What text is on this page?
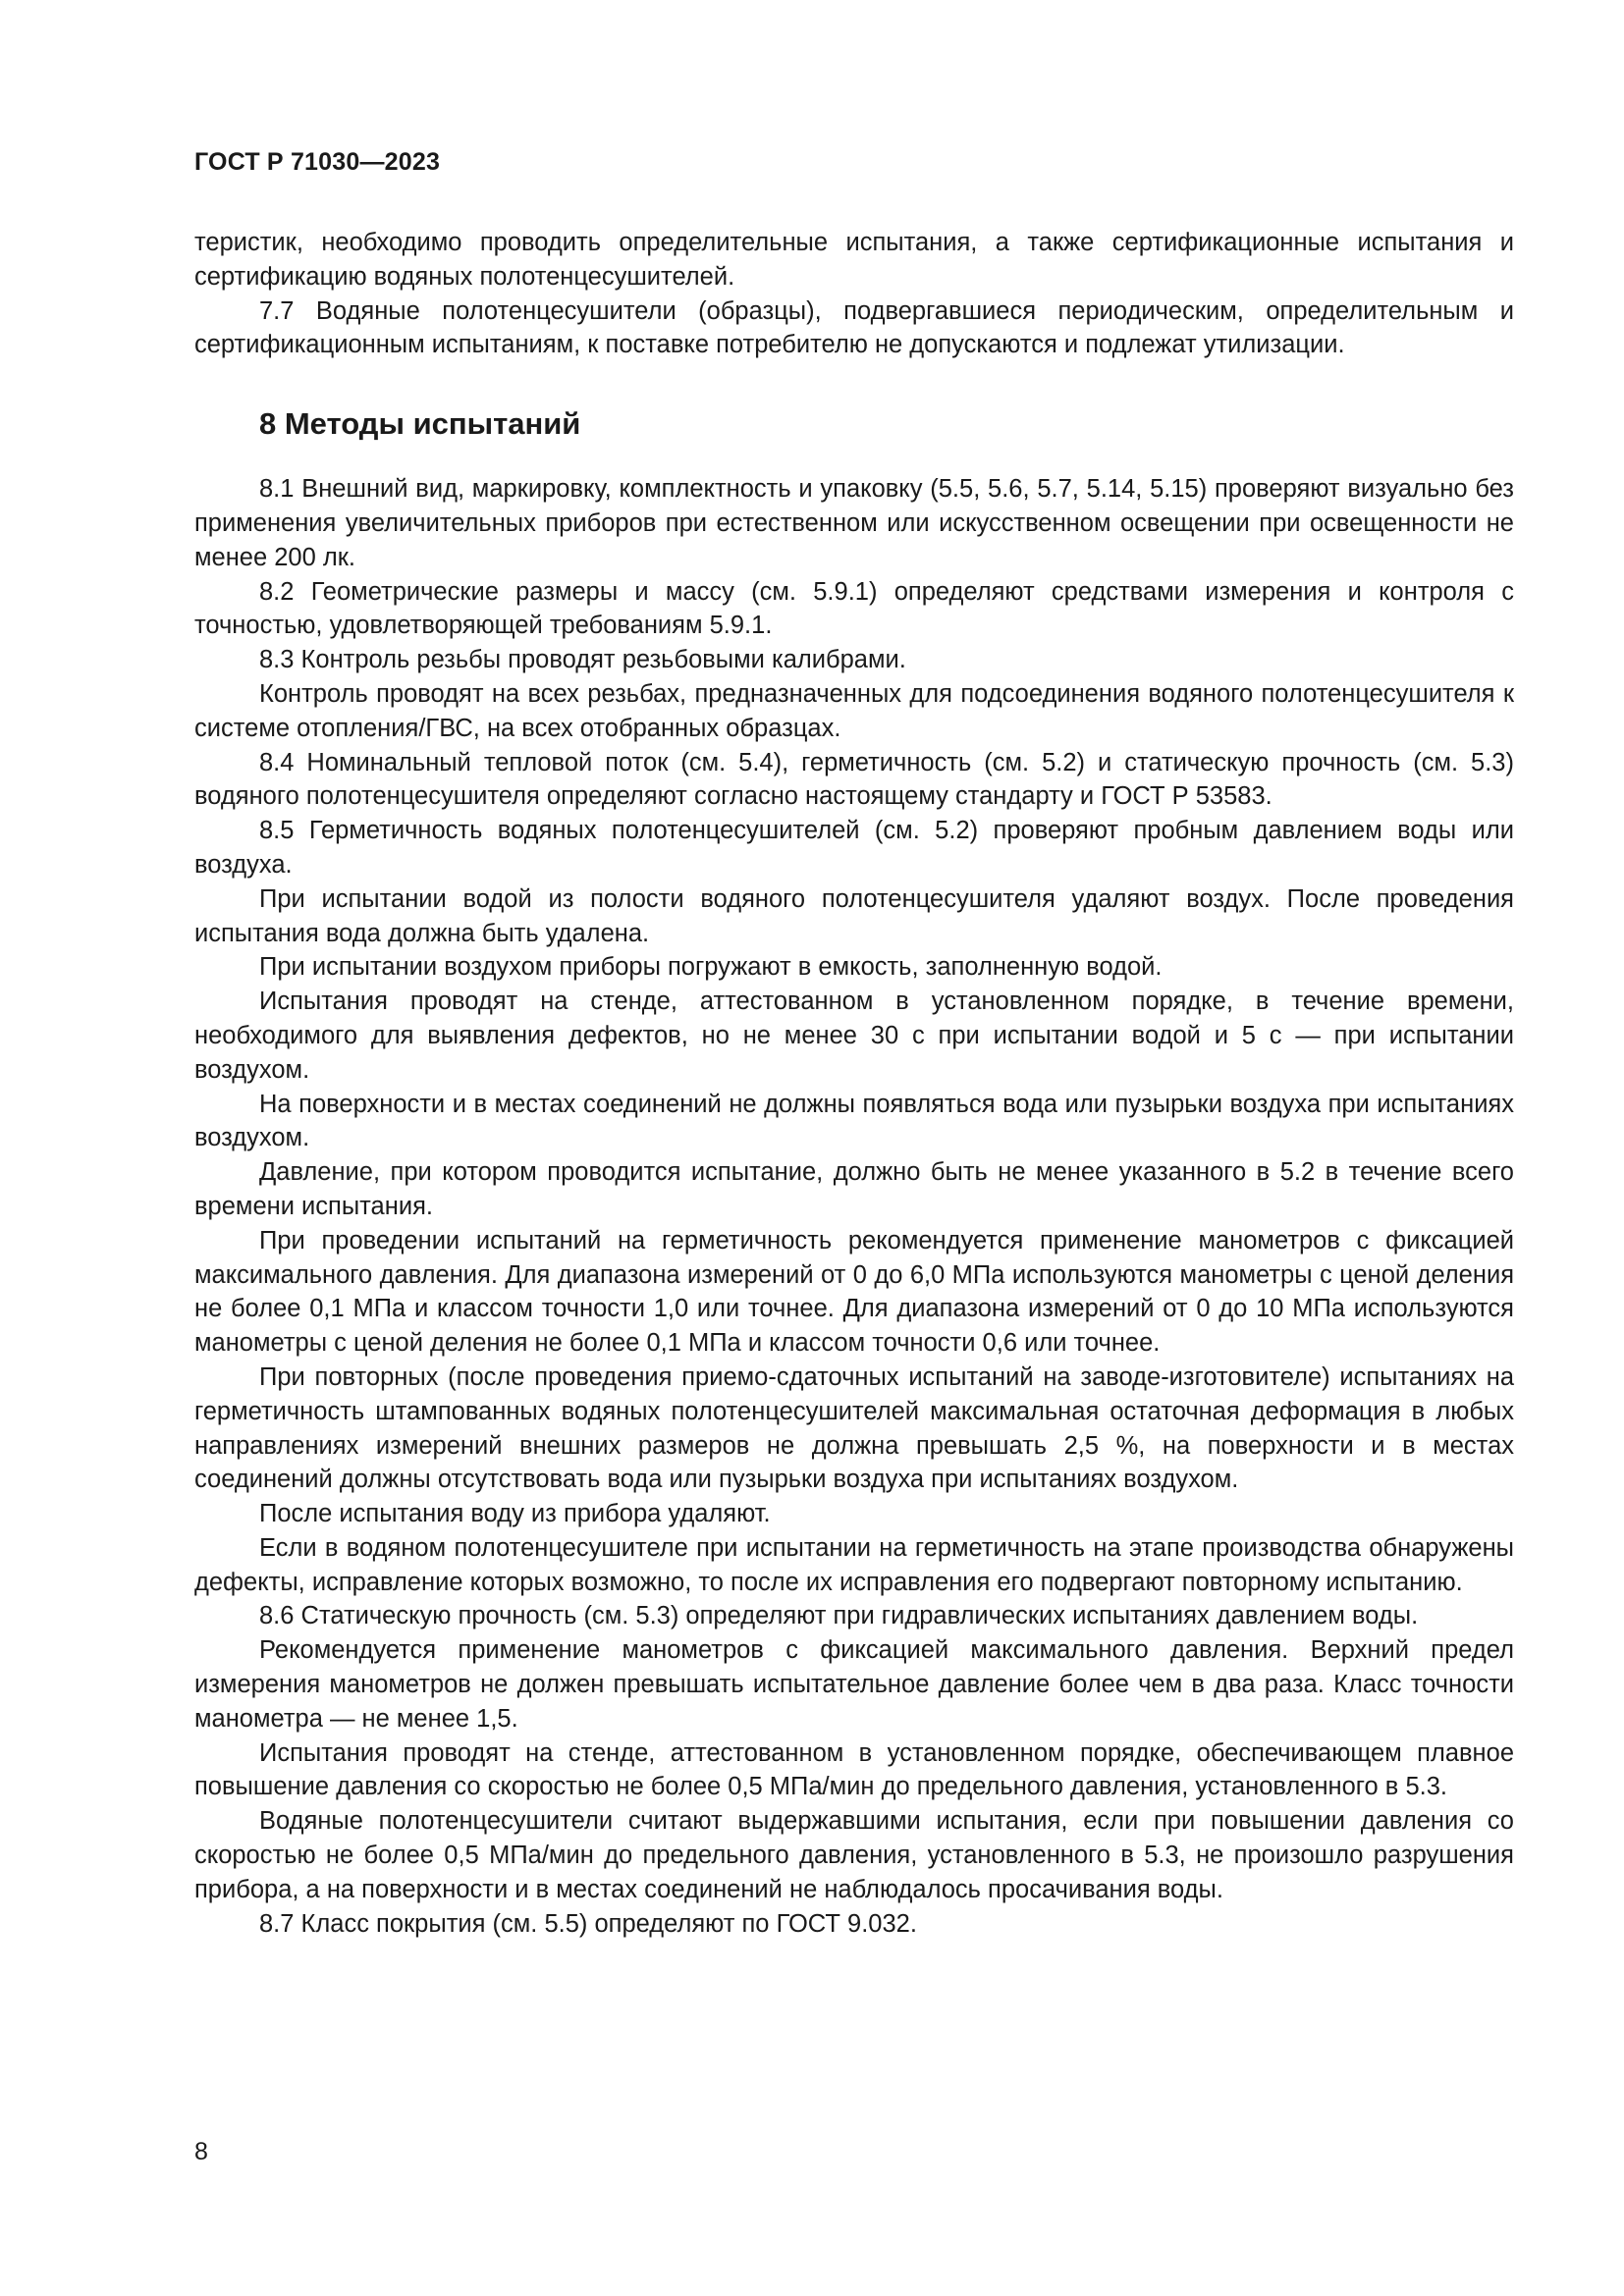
ГОСТ Р 71030—2023

теристик, необходимо проводить определительные испытания, а также сертификационные испытания и сертификацию водяных полотенцесушителей.

7.7 Водяные полотенцесушители (образцы), подвергавшиеся периодическим, определительным и сертификационным испытаниям, к поставке потребителю не допускаются и подлежат утилизации.

8 Методы испытаний

8.1 Внешний вид, маркировку, комплектность и упаковку (5.5, 5.6, 5.7, 5.14, 5.15) проверяют визуально без применения увеличительных приборов при естественном или искусственном освещении при освещенности не менее 200 лк.

8.2 Геометрические размеры и массу (см. 5.9.1) определяют средствами измерения и контроля с точностью, удовлетворяющей требованиям 5.9.1.

8.3 Контроль резьбы проводят резьбовыми калибрами.

Контроль проводят на всех резьбах, предназначенных для подсоединения водяного полотенцесушителя к системе отопления/ГВС, на всех отобранных образцах.

8.4 Номинальный тепловой поток (см. 5.4), герметичность (см. 5.2) и статическую прочность (см. 5.3) водяного полотенцесушителя определяют согласно настоящему стандарту и ГОСТ Р 53583.

8.5 Герметичность водяных полотенцесушителей (см. 5.2) проверяют пробным давлением воды или воздуха.

При испытании водой из полости водяного полотенцесушителя удаляют воздух. После проведения испытания вода должна быть удалена.

При испытании воздухом приборы погружают в емкость, заполненную водой.

Испытания проводят на стенде, аттестованном в установленном порядке, в течение времени, необходимого для выявления дефектов, но не менее 30 с при испытании водой и 5 с — при испытании воздухом.

На поверхности и в местах соединений не должны появляться вода или пузырьки воздуха при испытаниях воздухом.

Давление, при котором проводится испытание, должно быть не менее указанного в 5.2 в течение всего времени испытания.

При проведении испытаний на герметичность рекомендуется применение манометров с фиксацией максимального давления. Для диапазона измерений от 0 до 6,0 МПа используются манометры с ценой деления не более 0,1 МПа и классом точности 1,0 или точнее. Для диапазона измерений от 0 до 10 МПа используются манометры с ценой деления не более 0,1 МПа и классом точности 0,6 или точнее.

При повторных (после проведения приемо-сдаточных испытаний на заводе-изготовителе) испытаниях на герметичность штампованных водяных полотенцесушителей максимальная остаточная деформация в любых направлениях измерений внешних размеров не должна превышать 2,5 %, на поверхности и в местах соединений должны отсутствовать вода или пузырьки воздуха при испытаниях воздухом.

После испытания воду из прибора удаляют.

Если в водяном полотенцесушителе при испытании на герметичность на этапе производства обнаружены дефекты, исправление которых возможно, то после их исправления его подвергают повторному испытанию.

8.6 Статическую прочность (см. 5.3) определяют при гидравлических испытаниях давлением воды.

Рекомендуется применение манометров с фиксацией максимального давления. Верхний предел измерения манометров не должен превышать испытательное давление более чем в два раза. Класс точности манометра — не менее 1,5.

Испытания проводят на стенде, аттестованном в установленном порядке, обеспечивающем плавное повышение давления со скоростью не более 0,5 МПа/мин до предельного давления, установленного в 5.3.

Водяные полотенцесушители считают выдержавшими испытания, если при повышении давления со скоростью не более 0,5 МПа/мин до предельного давления, установленного в 5.3, не произошло разрушения прибора, а на поверхности и в местах соединений не наблюдалось просачивания воды.

8.7 Класс покрытия (см. 5.5) определяют по ГОСТ 9.032.

8
